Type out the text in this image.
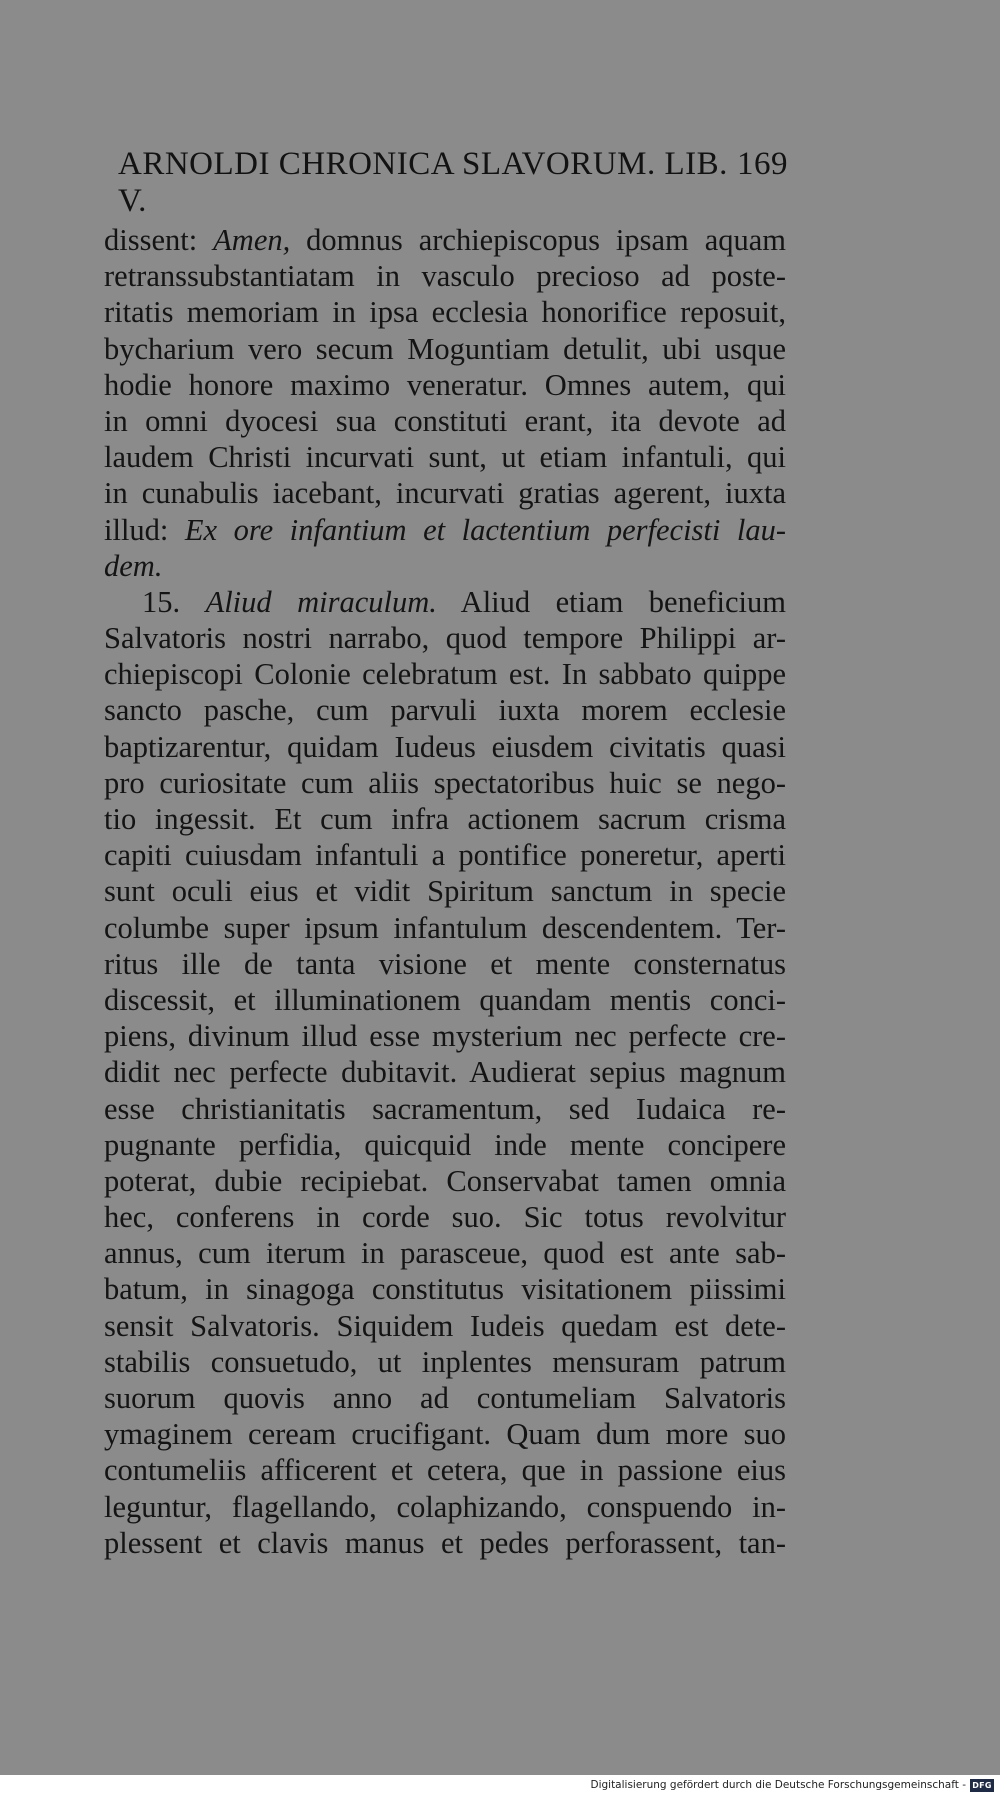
ARNOLDI CHRONICA SLAVORUM. LIB. V.
169
dissent: Amen, domnus archiepiscopus ipsam aquam
retranssubstantiatam in vasculo precioso ad poste-
ritatis memoriam in ipsa ecclesia honorifice reposuit,
bycharium vero secum Moguntiam detulit, ubi usque
hodie honore maximo veneratur. Omnes autem, qui
in omni dyocesi sua constituti erant, ita devote ad
laudem Christi incurvati sunt, ut etiam infantuli, qui
in cunabulis iacebant, incurvati gratias agerent, iuxta
illud: Ex ore infantium et lactentium perfecisti lau-
dem.
15. Aliud miraculum. Aliud etiam beneficium
Salvatoris nostri narrabo, quod tempore Philippi ar-
chiepiscopi Colonie celebratum est. In sabbato quippe
sancto pasche, cum parvuli iuxta morem ecclesie
baptizarentur, quidam Iudeus eiusdem civitatis quasi
pro curiositate cum aliis spectatoribus huic se nego-
tio ingessit. Et cum infra actionem sacrum crisma
capiti cuiusdam infantuli a pontifice poneretur, aperti
sunt oculi eius et vidit Spiritum sanctum in specie
columbe super ipsum infantulum descendentem. Ter-
ritus ille de tanta visione et mente consternatus
discessit, et illuminationem quandam mentis conci-
piens, divinum illud esse mysterium nec perfecte cre-
didit nec perfecte dubitavit. Audierat sepius magnum
esse christianitatis sacramentum, sed Iudaica re-
pugnante perfidia, quicquid inde mente concipere
poterat, dubie recipiebat. Conservabat tamen omnia
hec, conferens in corde suo. Sic totus revolvitur
annus, cum iterum in parasceue, quod est ante sab-
batum, in sinagoga constitutus visitationem piissimi
sensit Salvatoris. Siquidem Iudeis quedam est dete-
stabilis consuetudo, ut inplentes mensuram patrum
suorum quovis anno ad contumeliam Salvatoris
ymaginem ceream crucifigant. Quam dum more suo
contumeliis afficerent et cetera, que in passione eius
leguntur, flagellando, colaphizando, conspuendo in-
plessent et clavis manus et pedes perforassent, tan-
Digitalisierung gefördert durch die Deutsche Forschungsgemeinschaft - DFG
